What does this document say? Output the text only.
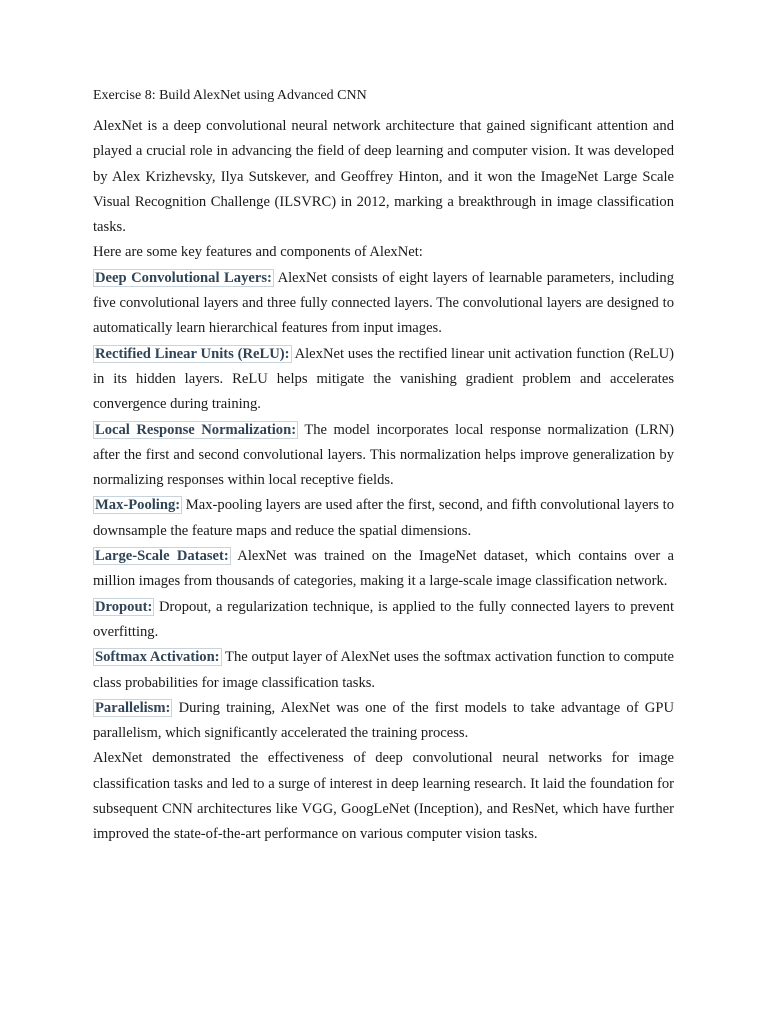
Exercise 8: Build AlexNet using Advanced CNN

AlexNet is a deep convolutional neural network architecture that gained significant attention and played a crucial role in advancing the field of deep learning and computer vision. It was developed by Alex Krizhevsky, Ilya Sutskever, and Geoffrey Hinton, and it won the ImageNet Large Scale Visual Recognition Challenge (ILSVRC) in 2012, marking a breakthrough in image classification tasks.

Here are some key features and components of AlexNet:

Deep Convolutional Layers: AlexNet consists of eight layers of learnable parameters, including five convolutional layers and three fully connected layers. The convolutional layers are designed to automatically learn hierarchical features from input images.

Rectified Linear Units (ReLU): AlexNet uses the rectified linear unit activation function (ReLU) in its hidden layers. ReLU helps mitigate the vanishing gradient problem and accelerates convergence during training.

Local Response Normalization: The model incorporates local response normalization (LRN) after the first and second convolutional layers. This normalization helps improve generalization by normalizing responses within local receptive fields.

Max-Pooling: Max-pooling layers are used after the first, second, and fifth convolutional layers to downsample the feature maps and reduce the spatial dimensions.

Large-Scale Dataset: AlexNet was trained on the ImageNet dataset, which contains over a million images from thousands of categories, making it a large-scale image classification network.

Dropout: Dropout, a regularization technique, is applied to the fully connected layers to prevent overfitting.

Softmax Activation: The output layer of AlexNet uses the softmax activation function to compute class probabilities for image classification tasks.

Parallelism: During training, AlexNet was one of the first models to take advantage of GPU parallelism, which significantly accelerated the training process.

AlexNet demonstrated the effectiveness of deep convolutional neural networks for image classification tasks and led to a surge of interest in deep learning research. It laid the foundation for subsequent CNN architectures like VGG, GoogLeNet (Inception), and ResNet, which have further improved the state-of-the-art performance on various computer vision tasks.
